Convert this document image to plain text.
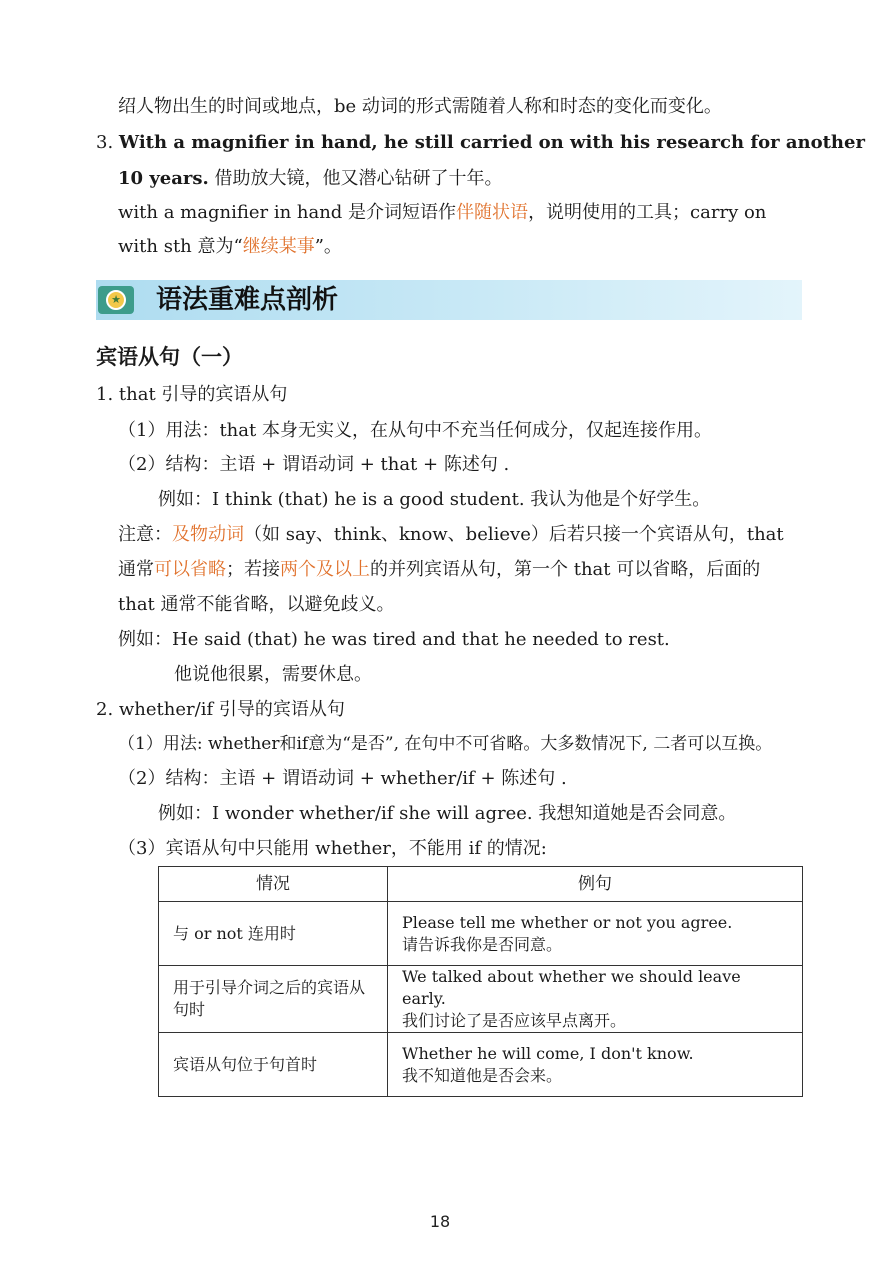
绍人物出生的时间或地点，be 动词的形式需随着人称和时态的变化而变化。
3. With a magnifier in hand, he still carried on with his research for another
10 years. 借助放大镜，他又潜心钻研了十年。
with a magnifier in hand 是介词短语作伴随状语，说明使用的工具；carry on
with sth 意为“继续某事”。
★ 语法重难点剖析
宾语从句（一）
1. that 引导的宾语从句
（1）用法：that 本身无实义，在从句中不充当任何成分，仅起连接作用。
（2）结构：主语 + 谓语动词 + that + 陈述句 .
例如：I think (that) he is a good student. 我认为他是个好学生。
注意：及物动词（如 say、think、know、believe）后若只接一个宾语从句，that
通常可以省略；若接两个及以上的并列宾语从句，第一个 that 可以省略，后面的
that 通常不能省略，以避免歧义。
例如：He said (that) he was tired and that he needed to rest.
他说他很累，需要休息。
2. whether/if 引导的宾语从句
（1）用法: whether和if意为“是否”, 在句中不可省略。大多数情况下, 二者可以互换。
（2）结构：主语 + 谓语动词 + whether/if + 陈述句 .
例如：I wonder whether/if she will agree. 我想知道她是否会同意。
（3）宾语从句中只能用 whether，不能用 if 的情况:
情况	例句
与 or not 连用时	Please tell me whether or not you agree.
请告诉我你是否同意。

用于引导介词之后的宾语从句时	We talked about whether we should leave early.
我们讨论了是否应该早点离开。

宾语从句位于句首时	Whether he will come, I don't know.
我不知道他是否会来。
18
